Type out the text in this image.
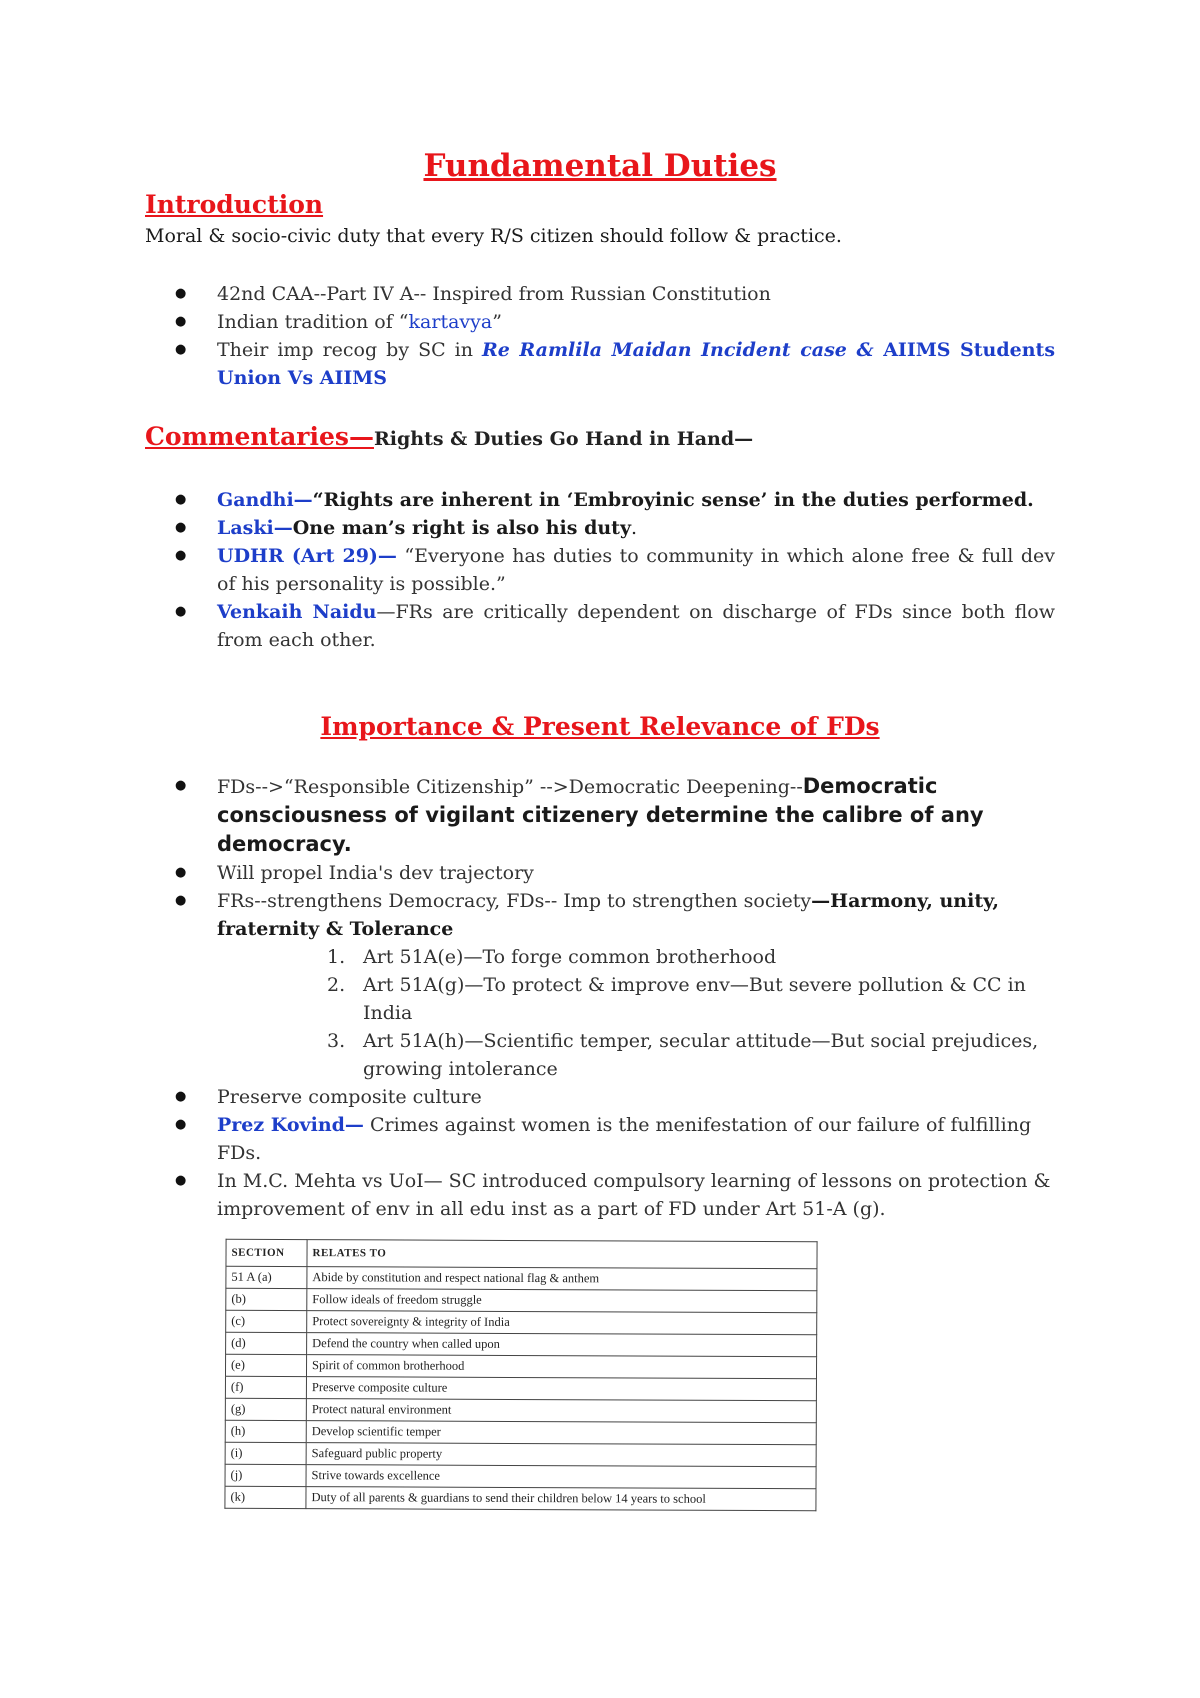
Fundamental Duties
Introduction
Moral & socio-civic duty that every R/S citizen should follow & practice.
● 42nd CAA--Part IV A-- Inspired from Russian Constitution
● Indian tradition of “kartavya”
● Their imp recog by SC in Re Ramlila Maidan Incident case & AIIMS Students Union Vs AIIMS
Commentaries—Rights & Duties Go Hand in Hand—
● Gandhi—“Rights are inherent in ‘Embroyinic sense’ in the duties performed.
● Laski—One man’s right is also his duty.
● UDHR (Art 29)— “Everyone has duties to community in which alone free & full dev of his personality is possible.”
● Venkaih Naidu—FRs are critically dependent on discharge of FDs since both flow from each other.
Importance & Present Relevance of FDs
● FDs-->“Responsible Citizenship” -->Democratic Deepening--Democratic consciousness of vigilant citizenery determine the calibre of any democracy.
● Will propel India's dev trajectory
● FRs--strengthens Democracy, FDs-- Imp to strengthen society—Harmony, unity, fraternity & Tolerance
1. Art 51A(e)—To forge common brotherhood
2. Art 51A(g)—To protect & improve env—But severe pollution & CC in India
3. Art 51A(h)—Scientific temper, secular attitude—But social prejudices, growing intolerance
● Preserve composite culture
● Prez Kovind— Crimes against women is the menifestation of our failure of fulfilling FDs.
● In M.C. Mehta vs UoI— SC introduced compulsory learning of lessons on protection & improvement of env in all edu inst as a part of FD under Art 51-A (g).
SECTION	RELATES TO
51 A (a)	Abide by constitution and respect national flag & anthem
(b)	Follow ideals of freedom struggle
(c)	Protect sovereignty & integrity of India
(d)	Defend the country when called upon
(e)	Spirit of common brotherhood
(f)	Preserve composite culture
(g)	Protect natural environment
(h)	Develop scientific temper
(i)	Safeguard public property
(j)	Strive towards excellence
(k)	Duty of all parents & guardians to send their children below 14 years to school
